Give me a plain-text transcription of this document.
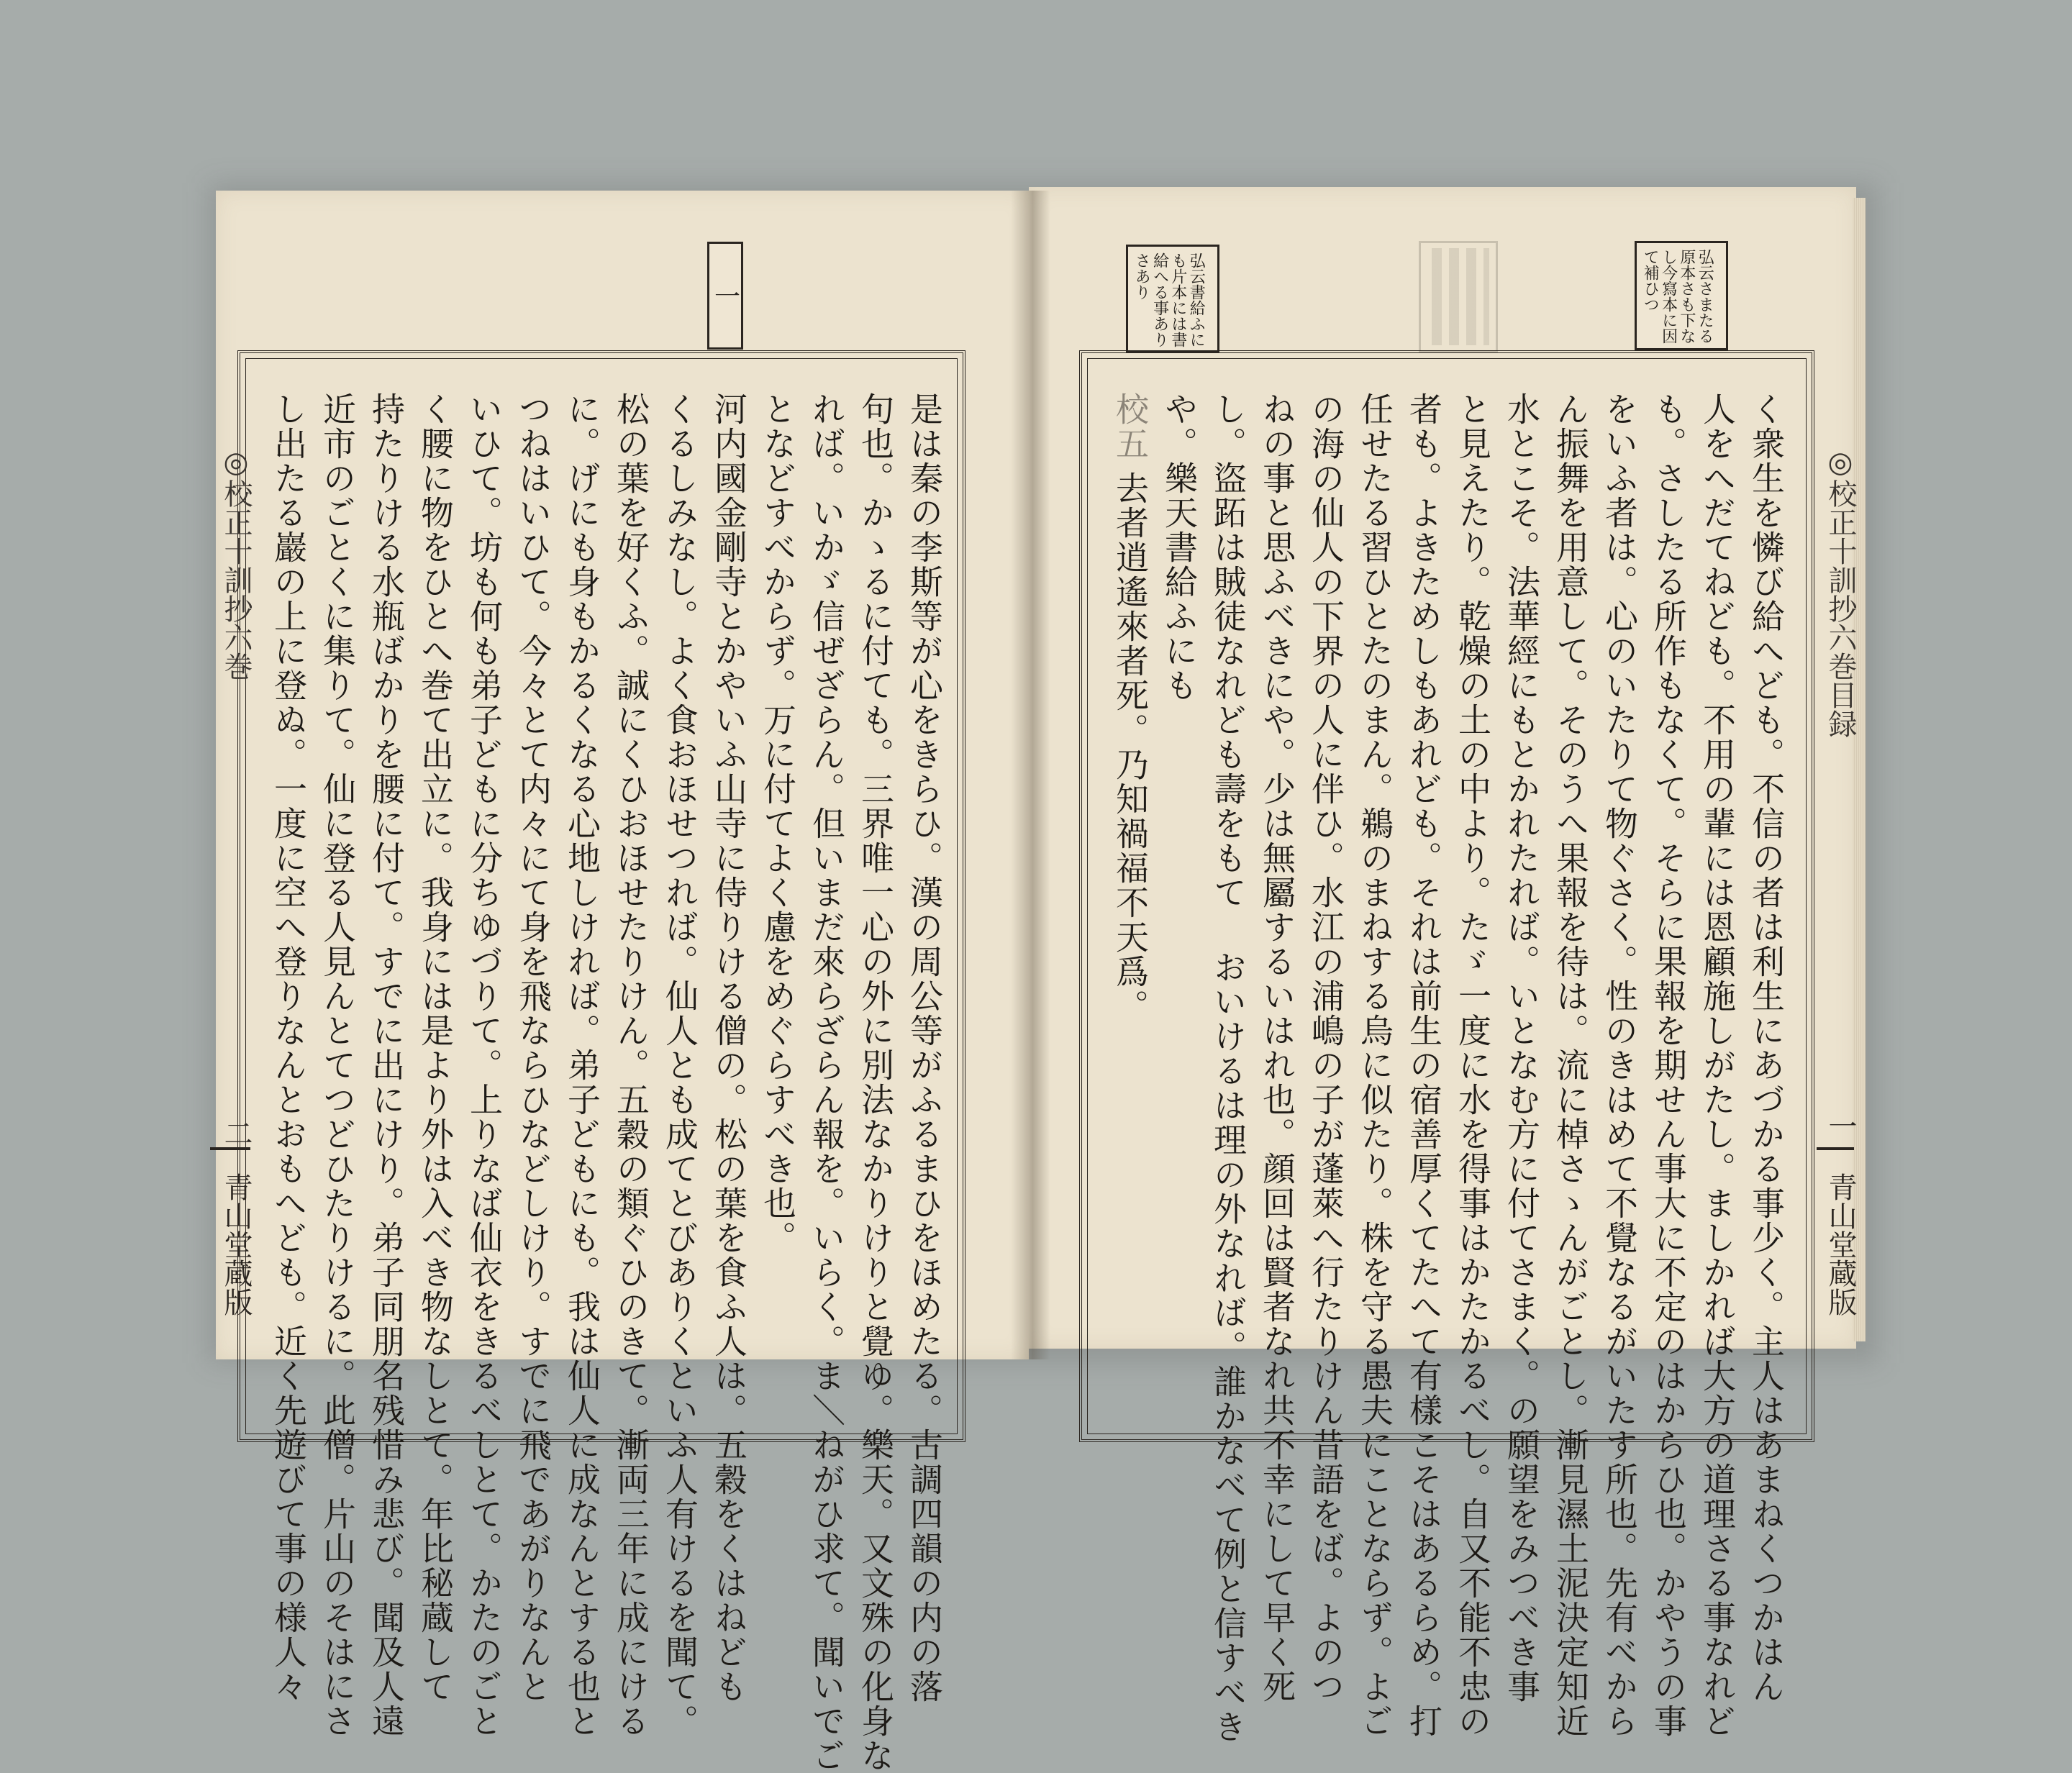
一
◎校正十訓抄六巻
二
青山堂蔵版	是は秦の李斯等が心をきらひ。漢の周公等がふるまひをほめたる。古調四韻の内の落
句也。かゝるに付ても。三界唯一心の外に別法なかりけりと覺ゆ。樂天。又文殊の化身な
れば。いかゞ信ぜざらん。但いまだ來らざらん報を。いらく。ま＼ねがひ求て。聞いでご
となどすべからず。万に付てよく慮をめぐらすべき也。
河内國金剛寺とかやいふ山寺に侍りける僧の。松の葉を食ふ人は。五穀をくはねども
くるしみなし。よく食おほせつれば。仙人とも成てとびありくといふ人有けるを聞て。
松の葉を好くふ。誠にくひおほせたりけん。五穀の類ぐひのきて。漸両三年に成にける
に。げにも身もかるくなる心地しければ。弟子どもにも。我は仙人に成なんとする也と
つねはいひて。今々とて内々にて身を飛ならひなどしけり。すでに飛であがりなんと
いひて。坊も何も弟子どもに分ちゆづりて。上りなば仙衣をきるべしとて。かたのごと
く腰に物をひとへ巻て出立に。我身には是より外は入べき物なしとて。年比秘蔵して
持たりける水瓶ばかりを腰に付て。すでに出にけり。弟子同朋名残惜み悲び。聞及人遠
近市のごとくに集りて。仙に登る人見んとてつどひたりけるに。此僧。片山のそはにさ
し出たる巖の上に登ぬ。一度に空へ登りなんとおもへども。近く先遊びて事の様人々
弘云さまたる
原本さも下な
し今寫本に因
て補ひつ
弘云書給ふに
も片本には書
給へる事あり
さあり
◎校正十訓抄六巻目録
一
青山堂蔵版
く衆生を憐び給へども。不信の者は利生にあづかる事少く。主人はあまねくつかはん
人をへだてねども。不用の輩には恩顧施しがたし。ましかれば大方の道理さる事なれど
も。さしたる所作もなくて。そらに果報を期せん事大に不定のはからひ也。かやうの事
をいふ者は。心のいたりて物ぐさく。性のきはめて不覺なるがいたす所也。先有べから
ん振舞を用意して。そのうへ果報を待は。流に棹さゝんがごとし。漸見濕土泥決定知近
水とこそ。法華經にもとかれたれば。いとなむ方に付てさまく。の願望をみつべき事
と見えたり。乾燥の土の中より。たゞ一度に水を得事はかたかるべし。自又不能不忠の
者も。よきためしもあれども。それは前生の宿善厚くてたへて有樣こそはあるらめ。打
任せたる習ひとたのまん。鵜のまねする烏に似たり。株を守る愚夫にことならず。よご
の海の仙人の下界の人に伴ひ。水江の浦嶋の子が蓬萊へ行たりけん昔語をば。よのつ
ねの事と思ふべきにや。少は無屬するいはれ也。顔回は賢者なれ共不幸にして早く死
し。盜跖は賊徒なれども壽をもて おいけるは理の外なれば。誰かなべて例と信すべき
や。樂天書給ふにも
校五
去者逍遙來者死。乃知禍福不天爲。
